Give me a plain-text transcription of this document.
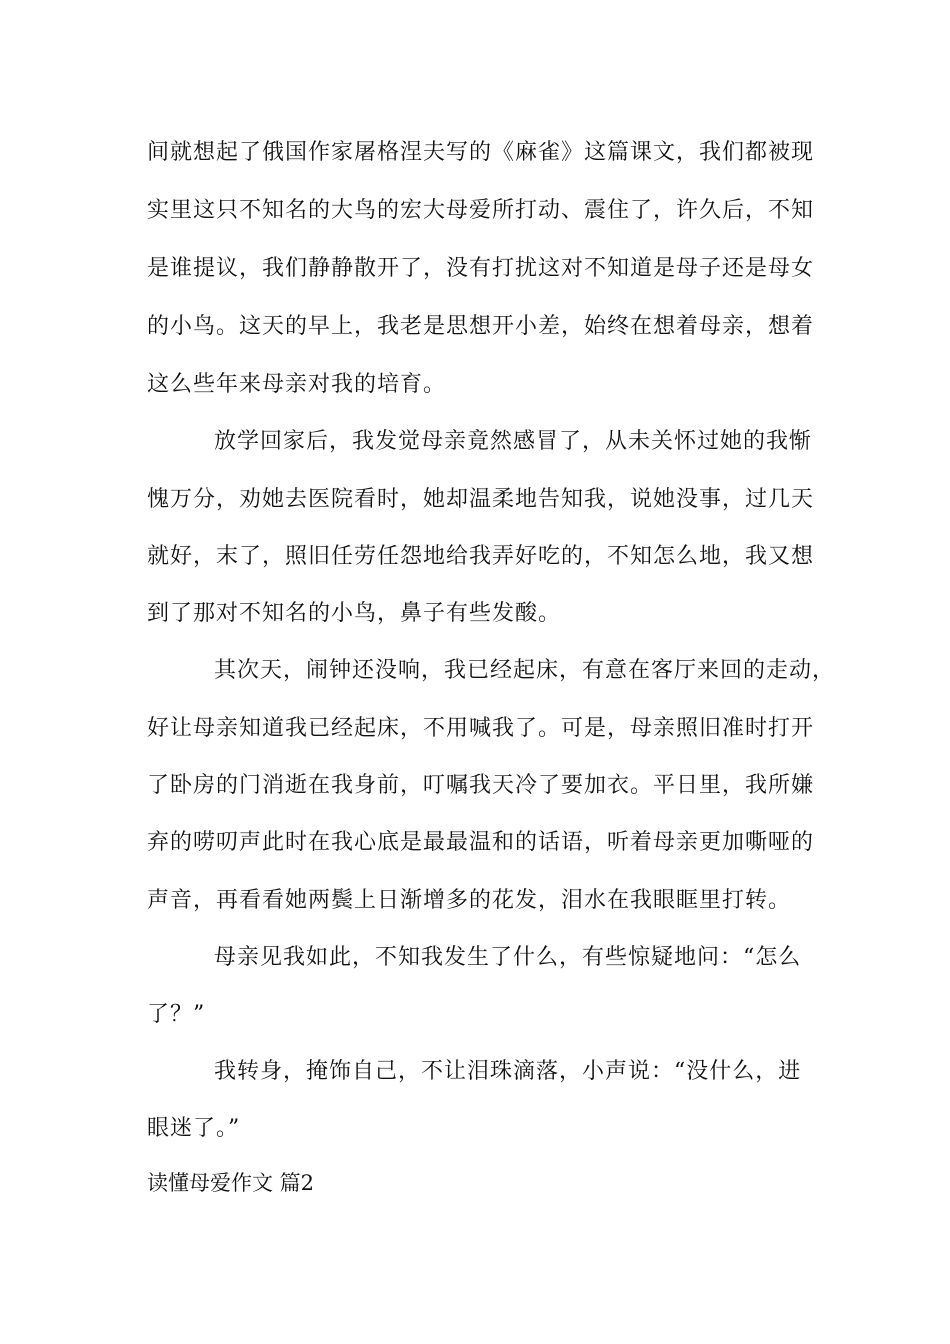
间就想起了俄国作家屠格涅夫写的《麻雀》这篇课文，我们都被现
实里这只不知名的大鸟的宏大母爱所打动、震住了，许久后，不知
是谁提议，我们静静散开了，没有打扰这对不知道是母子还是母女
的小鸟。这天的早上，我老是思想开小差，始终在想着母亲，想着
这么些年来母亲对我的培育。
放学回家后，我发觉母亲竟然感冒了，从未关怀过她的我惭
愧万分，劝她去医院看时，她却温柔地告知我，说她没事，过几天
就好，末了，照旧任劳任怨地给我弄好吃的，不知怎么地，我又想
到了那对不知名的小鸟，鼻子有些发酸。
其次天，闹钟还没响，我已经起床，有意在客厅来回的走动，
好让母亲知道我已经起床，不用喊我了。可是，母亲照旧准时打开
了卧房的门消逝在我身前，叮嘱我天冷了要加衣。平日里，我所嫌
弃的唠叨声此时在我心底是最最温和的话语，听着母亲更加嘶哑的
声音，再看看她两鬓上日渐增多的花发，泪水在我眼眶里打转。
母亲见我如此，不知我发生了什么，有些惊疑地问：“怎么
了？”
我转身，掩饰自己，不让泪珠滴落，小声说：“没什么，进
眼迷了。”
读懂母爱作文 篇2
